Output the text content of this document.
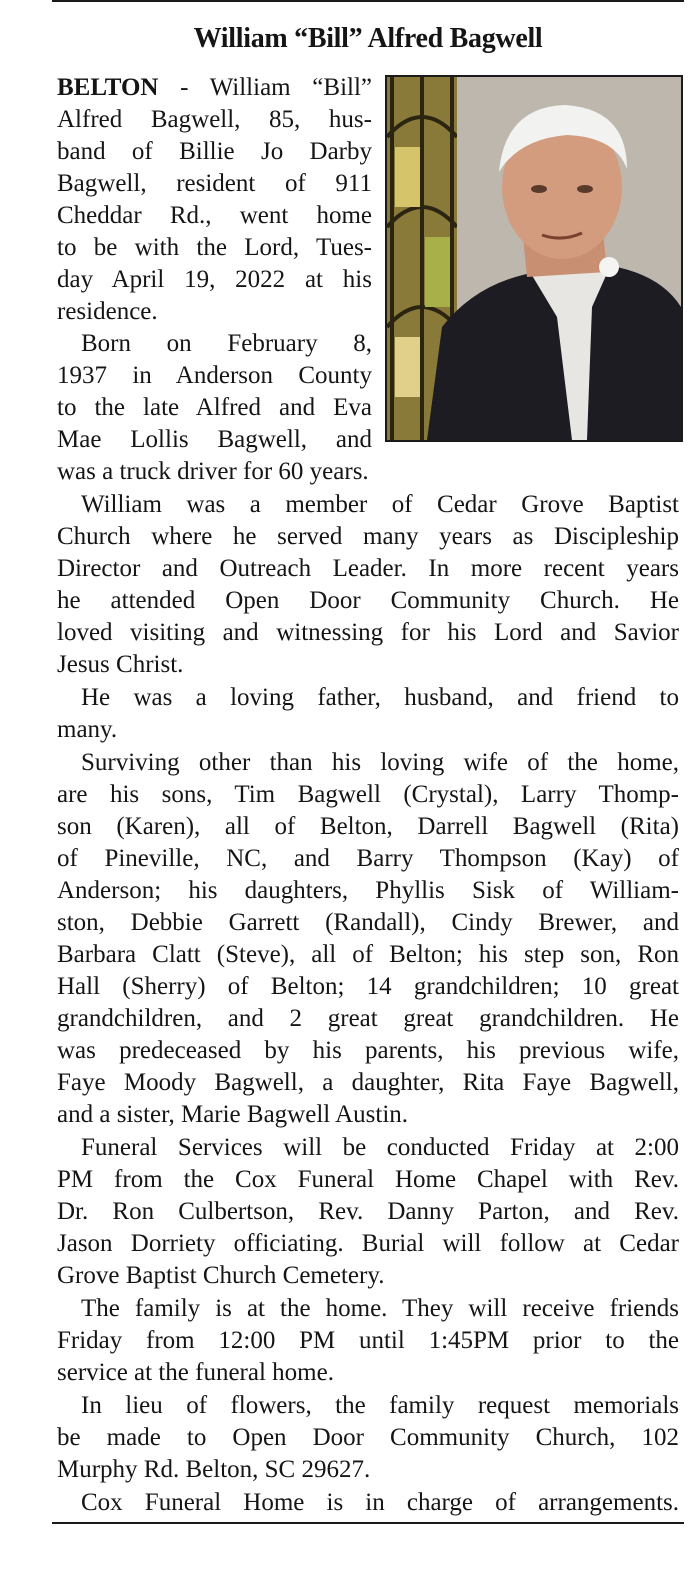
William “Bill” Alfred Bagwell
BELTON - William “Bill”
Alfred Bagwell, 85, hus-
band of Billie Jo Darby
Bagwell, resident of 911
Cheddar Rd., went home
to be with the Lord, Tues-
day April 19, 2022 at his
residence.
Born on February 8,
1937 in Anderson County
to the late Alfred and Eva
Mae Lollis Bagwell, and
was a truck driver for 60 years.
William was a member of Cedar Grove Baptist
Church where he served many years as Discipleship
Director and Outreach Leader. In more recent years
he attended Open Door Community Church. He
loved visiting and witnessing for his Lord and Savior
Jesus Christ.
He was a loving father, husband, and friend to
many.
Surviving other than his loving wife of the home,
are his sons, Tim Bagwell (Crystal), Larry Thomp-
son (Karen), all of Belton, Darrell Bagwell (Rita)
of Pineville, NC, and Barry Thompson (Kay) of
Anderson; his daughters, Phyllis Sisk of William-
ston, Debbie Garrett (Randall), Cindy Brewer, and
Barbara Clatt (Steve), all of Belton; his step son, Ron
Hall (Sherry) of Belton; 14 grandchildren; 10 great
grandchildren, and 2 great great grandchildren. He
was predeceased by his parents, his previous wife,
Faye Moody Bagwell, a daughter, Rita Faye Bagwell,
and a sister, Marie Bagwell Austin.
Funeral Services will be conducted Friday at 2:00
PM from the Cox Funeral Home Chapel with Rev.
Dr. Ron Culbertson, Rev. Danny Parton, and Rev.
Jason Dorriety officiating. Burial will follow at Cedar
Grove Baptist Church Cemetery.
The family is at the home. They will receive friends
Friday from 12:00 PM until 1:45PM prior to the
service at the funeral home.
In lieu of flowers, the family request memorials
be made to Open Door Community Church, 102
Murphy Rd. Belton, SC 29627.
Cox Funeral Home is in charge of arrangements.
